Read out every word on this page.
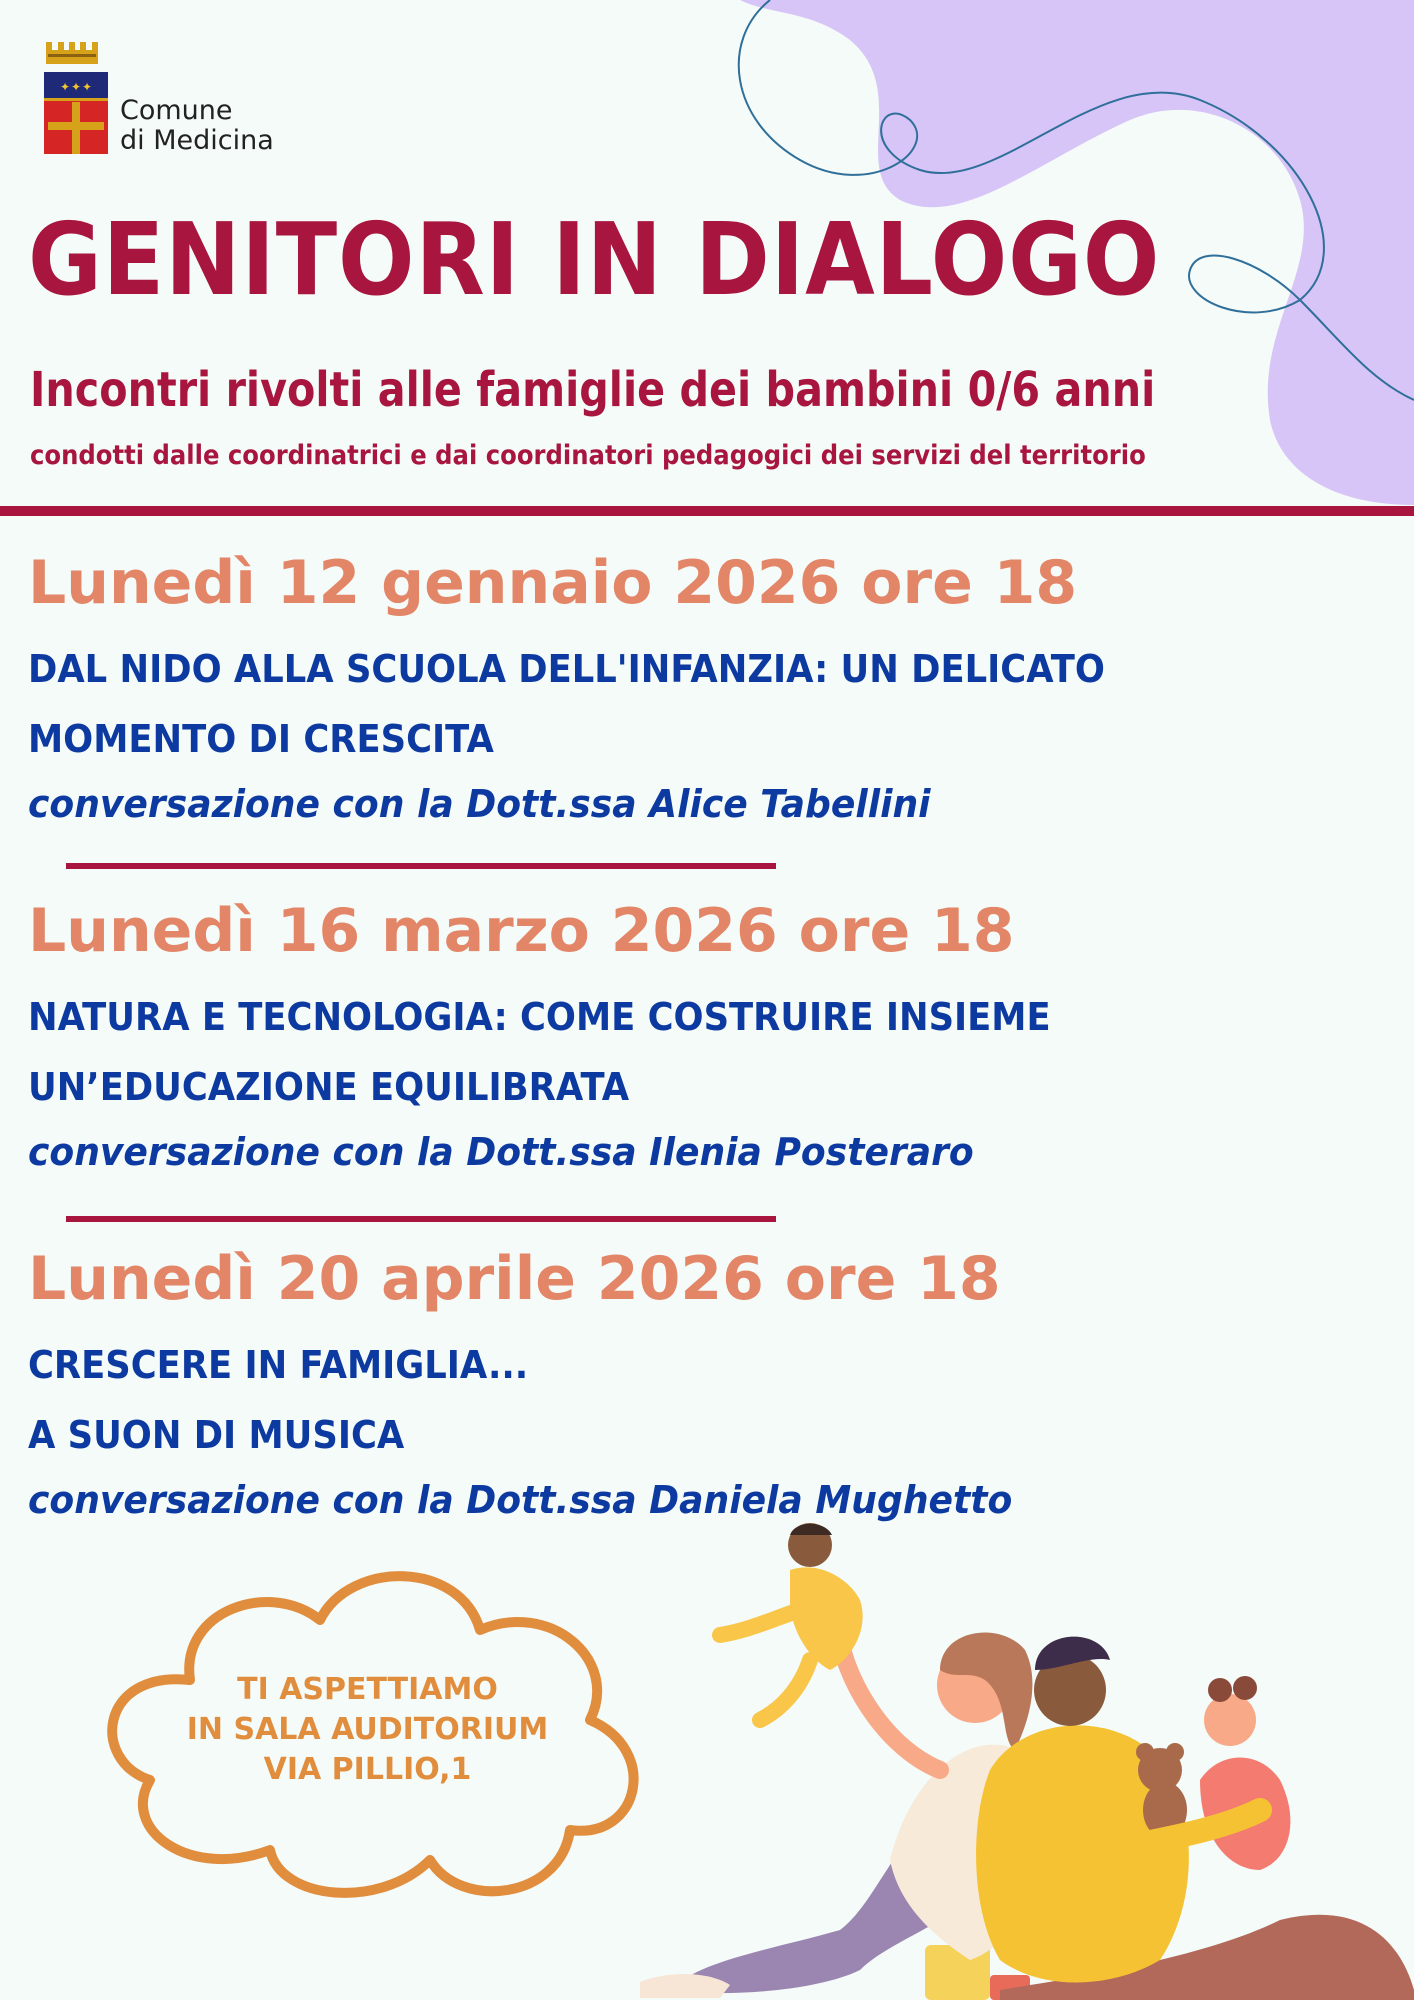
✦ ✦ ✦
Comune
di Medicina
GENITORI IN DIALOGO
Incontri rivolti alle famiglie dei bambini 0/6 anni
condotti dalle coordinatrici e dai coordinatori pedagogici dei servizi del territorio
Lunedì 12 gennaio 2026 ore 18
DAL NIDO ALLA SCUOLA DELL'INFANZIA: UN DELICATO
MOMENTO DI CRESCITA
conversazione con la Dott.ssa Alice Tabellini
Lunedì 16 marzo 2026 ore 18
NATURA E TECNOLOGIA: COME COSTRUIRE INSIEME
UN’EDUCAZIONE EQUILIBRATA
conversazione con la Dott.ssa Ilenia Posteraro
Lunedì 20 aprile 2026 ore 18
CRESCERE IN FAMIGLIA...
A SUON DI MUSICA
conversazione con la Dott.ssa Daniela Mughetto
TI ASPETTIAMO
IN SALA AUDITORIUM
VIA PILLIO,1
